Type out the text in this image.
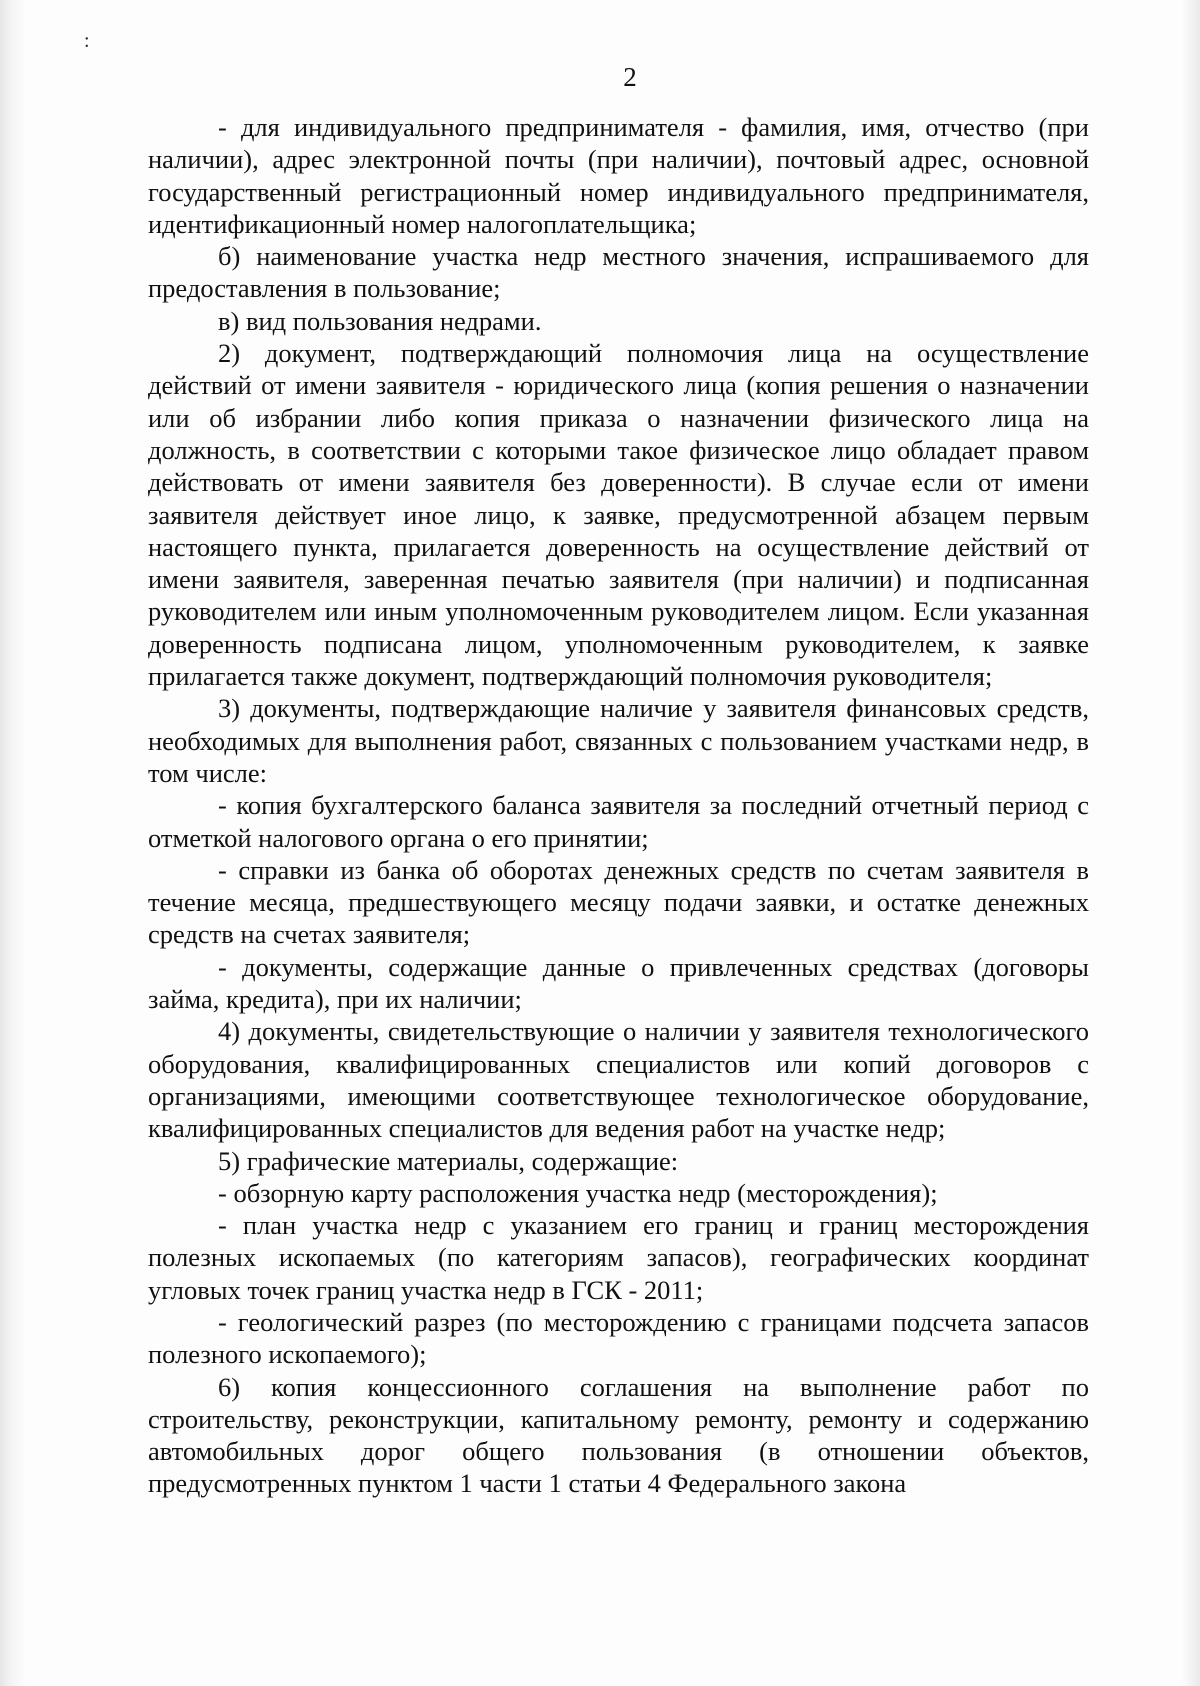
:
2

- для индивидуального предпринимателя - фамилия, имя, отчество (при наличии), адрес электронной почты (при наличии), почтовый адрес, основной государственный регистрационный номер индивидуального предпринимателя, идентификационный номер налогоплательщика;

б) наименование участка недр местного значения, испрашиваемого для предоставления в пользование;

в) вид пользования недрами.

2) документ, подтверждающий полномочия лица на осуществление действий от имени заявителя - юридического лица (копия решения о назначении или об избрании либо копия приказа о назначении физического лица на должность, в соответствии с которыми такое физическое лицо обладает правом действовать от имени заявителя без доверенности). В случае если от имени заявителя действует иное лицо, к заявке, предусмотренной абзацем первым настоящего пункта, прилагается доверенность на осуществление действий от имени заявителя, заверенная печатью заявителя (при наличии) и подписанная руководителем или иным уполномоченным руководителем лицом. Если указанная доверенность подписана лицом, уполномоченным руководителем, к заявке прилагается также документ, подтверждающий полномочия руководителя;

3) документы, подтверждающие наличие у заявителя финансовых средств, необходимых для выполнения работ, связанных с пользованием участками недр, в том числе:

- копия бухгалтерского баланса заявителя за последний отчетный период с отметкой налогового органа о его принятии;

- справки из банка об оборотах денежных средств по счетам заявителя в течение месяца, предшествующего месяцу подачи заявки, и остатке денежных средств на счетах заявителя;

- документы, содержащие данные о привлеченных средствах (договоры займа, кредита), при их наличии;

4) документы, свидетельствующие о наличии у заявителя технологического оборудования, квалифицированных специалистов или копий договоров с организациями, имеющими соответствующее технологическое оборудование, квалифицированных специалистов для ведения работ на участке недр;

5) графические материалы, содержащие:

- обзорную карту расположения участка недр (месторождения);

- план участка недр с указанием его границ и границ месторождения полезных ископаемых (по категориям запасов), географических координат угловых точек границ участка недр в ГСК - 2011;

- геологический разрез (по месторождению с границами подсчета запасов полезного ископаемого);

6) копия концессионного соглашения на выполнение работ по строительству, реконструкции, капитальному ремонту, ремонту и содержанию автомобильных дорог общего пользования (в отношении объектов, предусмотренных пунктом 1 части 1 статьи 4 Федерального закона
